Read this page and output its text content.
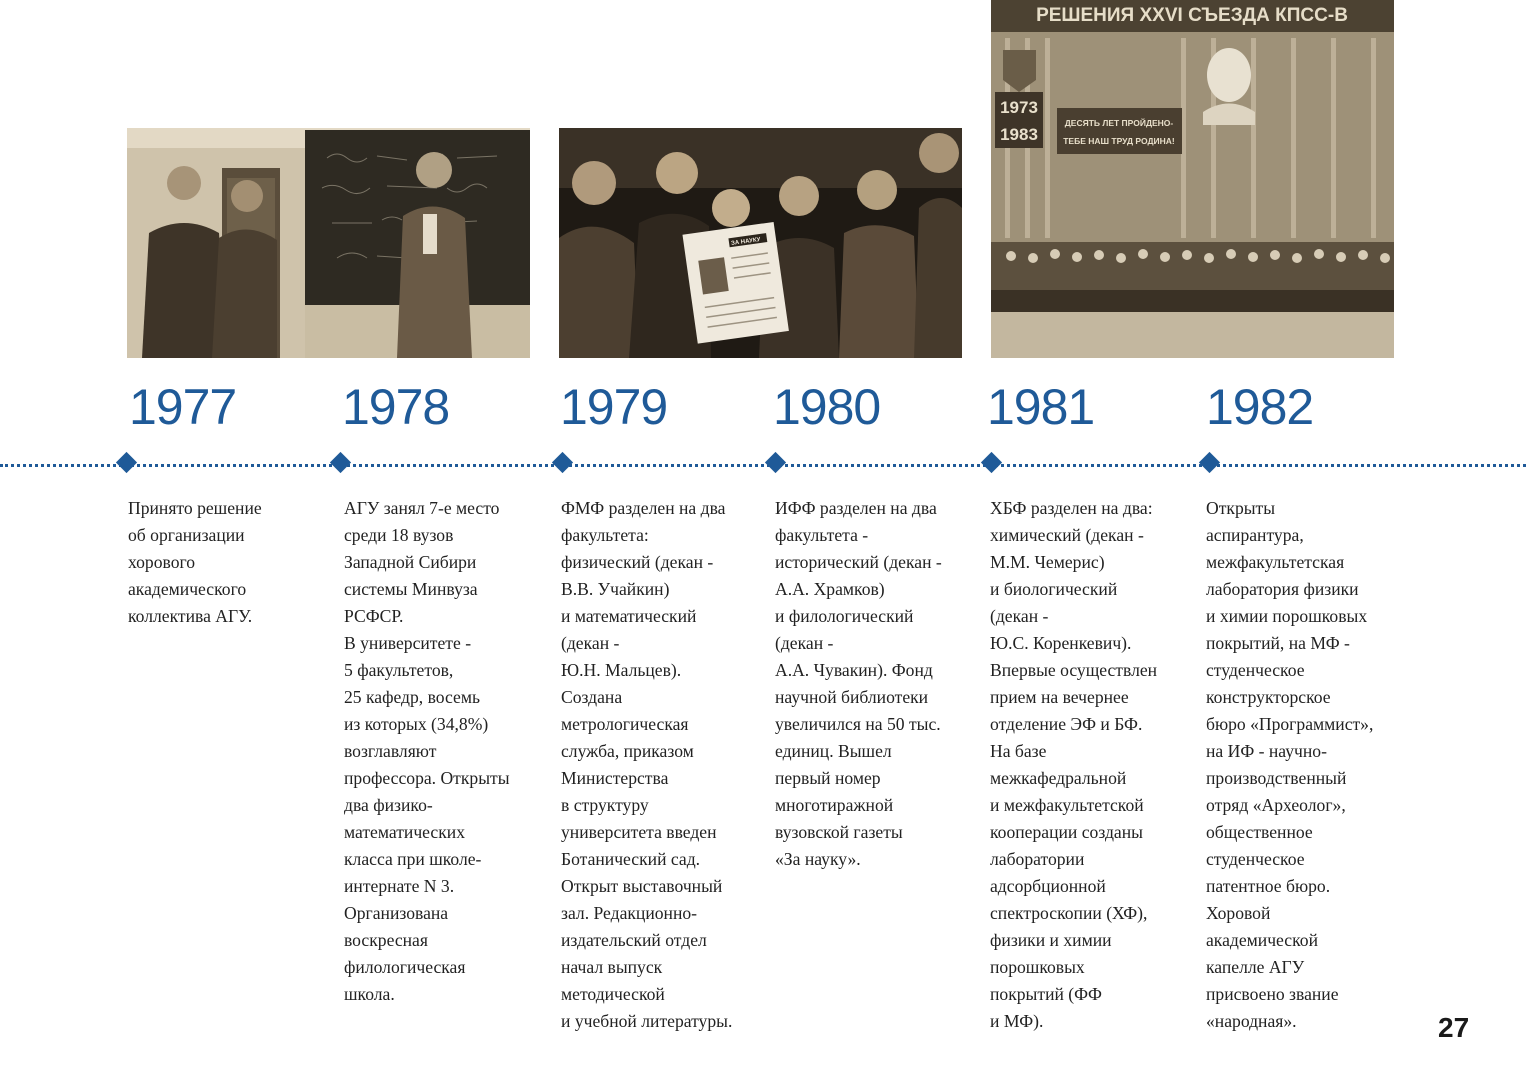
ЗА НАУКУ
РЕШЕНИЯ XXVI СЪЕЗДА КПСС-В
1973
1983
ДЕСЯТЬ ЛЕТ ПРОЙДЕНО-
ТЕБЕ НАШ ТРУД РОДИНА!
1977 1978 1979 1980 1981 1982
Принято решение
об организации
хорового
академического
коллектива АГУ.
АГУ занял 7-е место
среди 18 вузов
Западной Сибири
системы Минвуза
РСФСР.
В университете -
5 факультетов,
25 кафедр, восемь
из которых (34,8%)
возглавляют
профессора. Открыты
два физико-
математических
класса при школе-
интернате N 3.
Организована
воскресная
филологическая
школа.
ФМФ разделен на два
факультета:
физический (декан -
В.В. Учайкин)
и математический
(декан -
Ю.Н. Мальцев).
Создана
метрологическая
служба, приказом
Министерства
в структуру
университета введен
Ботанический сад.
Открыт выставочный
зал. Редакционно-
издательский отдел
начал выпуск
методической
и учебной литературы.
ИФФ разделен на два
факультета -
исторический (декан -
А.А. Храмков)
и филологический
(декан -
А.А. Чувакин). Фонд
научной библиотеки
увеличился на 50 тыс.
единиц. Вышел
первый номер
многотиражной
вузовской газеты
«За науку».
ХБФ разделен на два:
химический (декан -
М.М. Чемерис)
и биологический
(декан -
Ю.С. Коренкевич).
Впервые осуществлен
прием на вечернее
отделение ЭФ и БФ.
На базе
межкафедральной
и межфакультетской
кооперации созданы
лаборатории
адсорбционной
спектроскопии (ХФ),
физики и химии
порошковых
покрытий (ФФ
и МФ).
Открыты
аспирантура,
межфакультетская
лаборатория физики
и химии порошковых
покрытий, на МФ -
студенческое
конструкторское
бюро «Программист»,
на ИФ - научно-
производственный
отряд «Археолог»,
общественное
студенческое
патентное бюро.
Хоровой
академической
капелле АГУ
присвоено звание
«народная».	27
